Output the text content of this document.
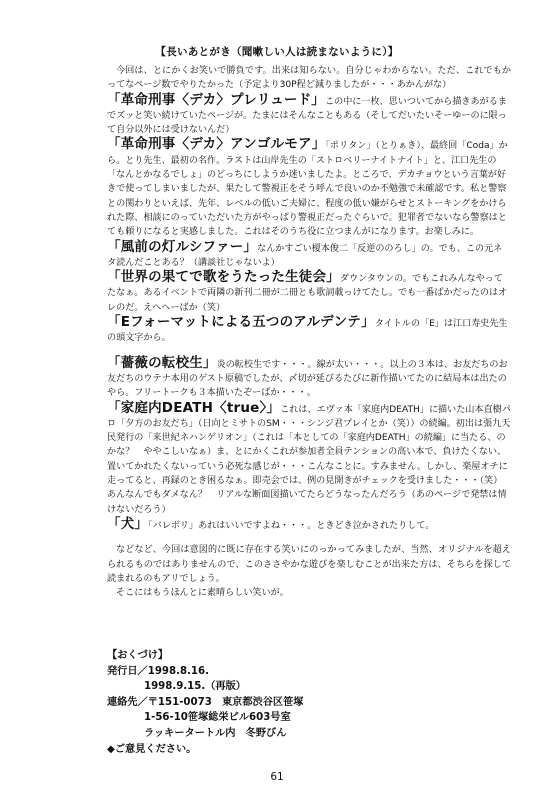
【長いあとがき（聞嗽しい人は読まないように）】

今回は、とにかくお笑いで勝負です。出来は知らない。自分じゃわからない。ただ、これでもかってなページ数でやりたかった（予定より30P程ど減りましたが・・・あかんがな）

「革命刑事〈デカ〉プレリュード」この中に一枚、思いついてから描きあがるまでズッと笑い続けていたページが。たまにはそんなこともある（そしてだいたいそーゆーのに限って自分以外には受けないんだ）
「革命刑事〈デカ〉アンゴルモア」「ポリタン」（とりぁき）、最終回「Coda」から。とり先生、最初の名作。ラストは山岸先生の「ストロベリーナイトナイト」と、江口先生の「なんとかなるでしょ」のどっちにしようか迷いましたよ。ところで、デカチョウという言葉が好きで使ってしまいましたが、果たして警視正をそう呼んで良いのか不勉強で未確認です。私と警察との関わりといえば、先年、レベルの低いご夫婦に、程度の低い嫌がらせとストーキングをかけられた際、相談にのっていただいた方がやっぱり警視正だったぐらいで。犯罪者でないなら警察はとても頼りになると実感しました。これはそのうち役に立つまんがになります。お楽しみに。
「風前の灯ルシファー」なんかすごい榎本俊二「反逆ののろし」の。でも、この元ネタ読んだことある？（講談社じゃないよ）
「世界の果てで歌をうたった生徒会」ダウンタウンの。でもこれみんなやってたなぁ。あるイベントで両隣の新刊二冊が二冊とも歌詞載っけてたし。でも一番ばかだったのはオレのだ。えへへーばか（笑）
「Eフォーマットによる五つのアルデンテ」タイトルの「E」は江口寿史先生の頭文字から。
「薔薇の転校生」炎の転校生です・・・。線が太い・・・。以上の３本は、お友だちのお友だちのウテナ本用のゲスト原稿でしたが、〆切が延びるたびに新作描いてたのに結局本は出たのやら。フリートークも３本描いたぞーばか・・・。
「家庭内DEATH〈true〉」これは、エヴァ本「家庭内DEATH」に描いた山本直樹パロ「夕方のお友だち」（日向とミサトのSM・・・シンジ君プレイとか（笑））の続編。初出は張九天民発行の「来世紀ネハンゲリオン」（これは「本としての「家庭内DEATH」の続編」に当たる、のかな？　ややこしいなぁ）ま、とにかくこれが参加者全員テンションの高い本で、負けたくない、置いてかれたくないっていう必死な感じが・・・こんなことに。すみません。しかし、楽屋オチに走ってると、再録のとき困るなぁ。即売会では、例の見開きがチェックを受けました・・・（笑）あんなんでもダメなん？　リアルな断面図描いてたらどうなったんだろう（あのページで発禁は情けないだろう）
「犬」「バレボリ」あれはいいですよね・・・。ときどき泣かされたりして。

などなど、今回は意図的に既に存在する笑いにのっかってみましたが、当然、オリジナルを超えられるものではありませんので、このささやかな遊びを楽しむことが出来た方は、そちらを探して読まれるのもアリでしょう。

そこにはもうほんとに素晴らしい笑いが。

【おくづけ】
発行日／1998.8.16.
1998.9.15.（再版）
連絡先／〒151-0073　東京都渋谷区笹塚
1-56-10笹塚総栄ビル603号室
ラッキータートル内　冬野びん
◆ご意見ください。
61
